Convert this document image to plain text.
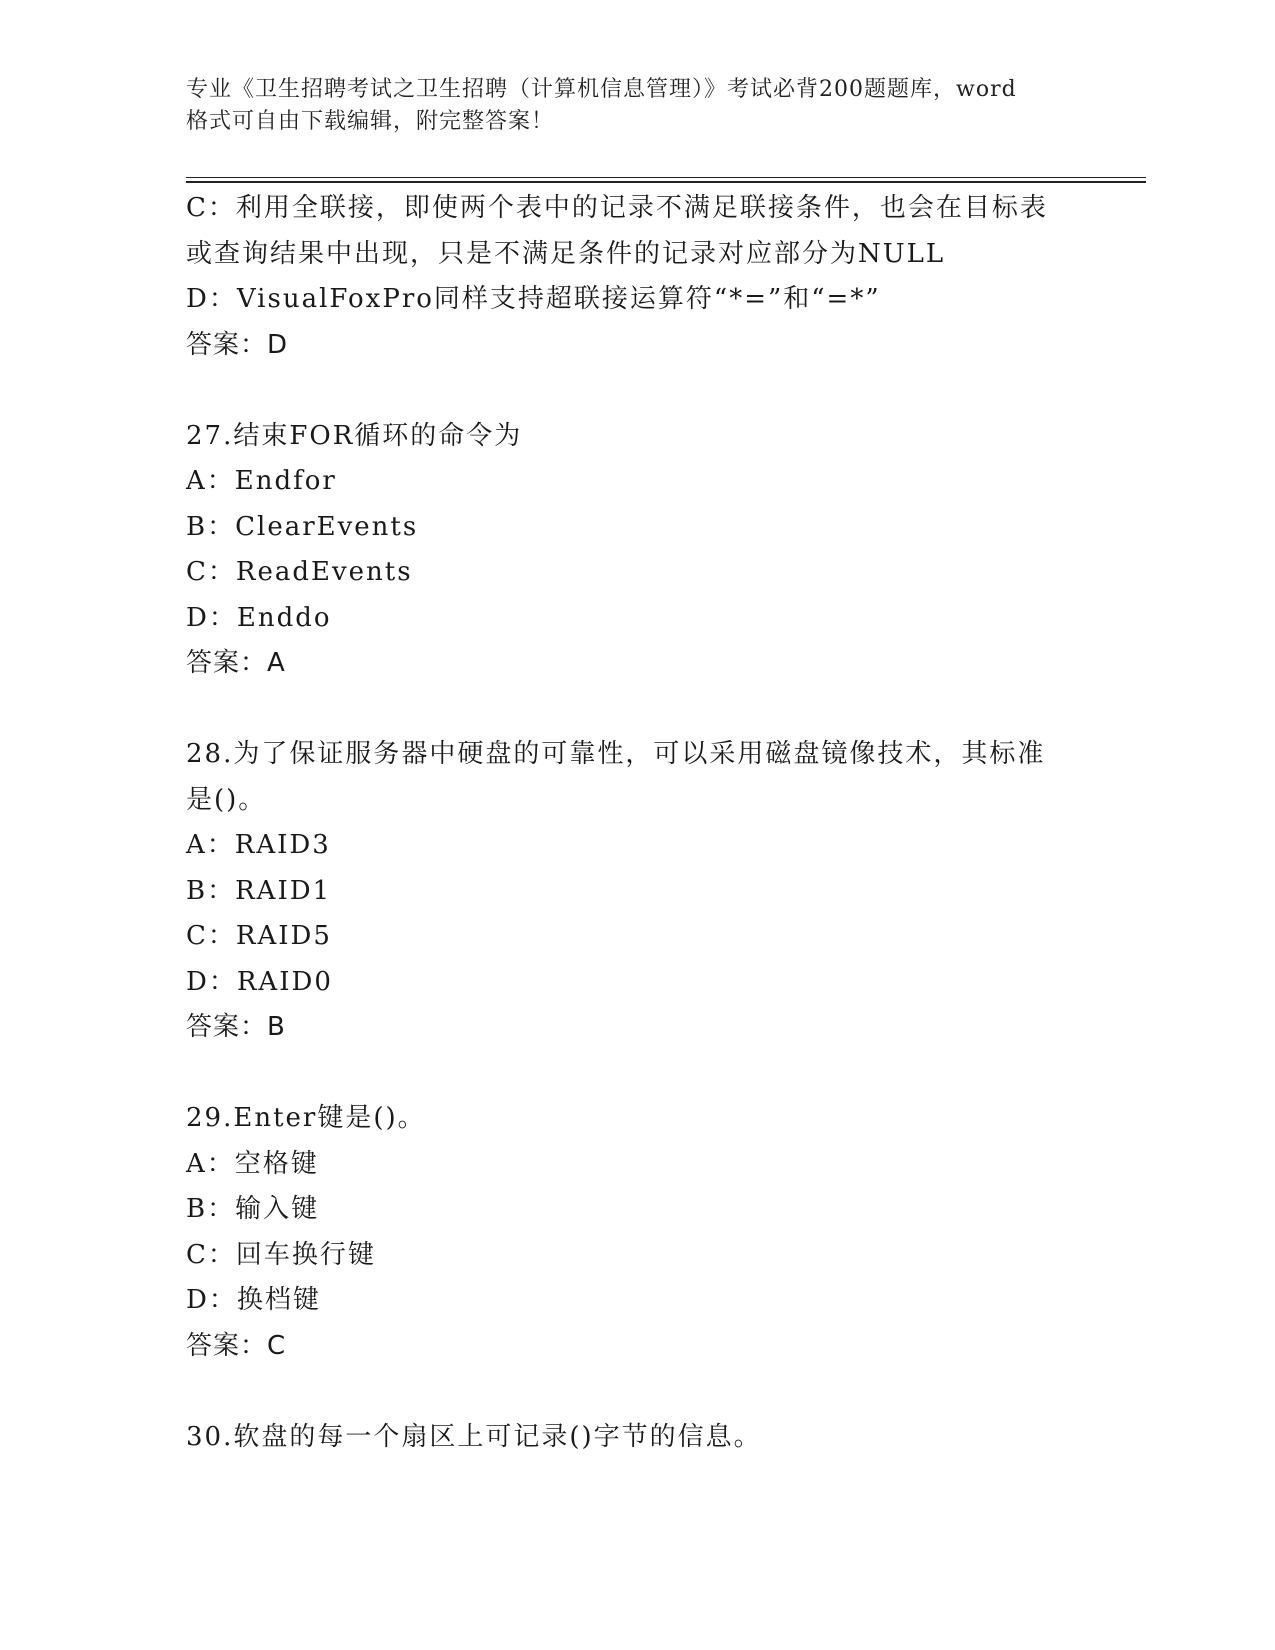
专业《卫生招聘考试之卫生招聘（计算机信息管理）》考试必背200题题库，word
格式可自由下载编辑，附完整答案！
C：利用全联接，即使两个表中的记录不满足联接条件，也会在目标表
或查询结果中出现，只是不满足条件的记录对应部分为NULL
D：VisualFoxPro同样支持超联接运算符“*=”和“=*”
答案：D
27.结束FOR循环的命令为
A：Endfor
B：ClearEvents
C：ReadEvents
D：Enddo
答案：A
28.为了保证服务器中硬盘的可靠性，可以采用磁盘镜像技术，其标准
是()。
A：RAID3
B：RAID1
C：RAID5
D：RAID0
答案：B
29.Enter键是()。
A：空格键
B：输入键
C：回车换行键
D：换档键
答案：C
30.软盘的每一个扇区上可记录()字节的信息。
